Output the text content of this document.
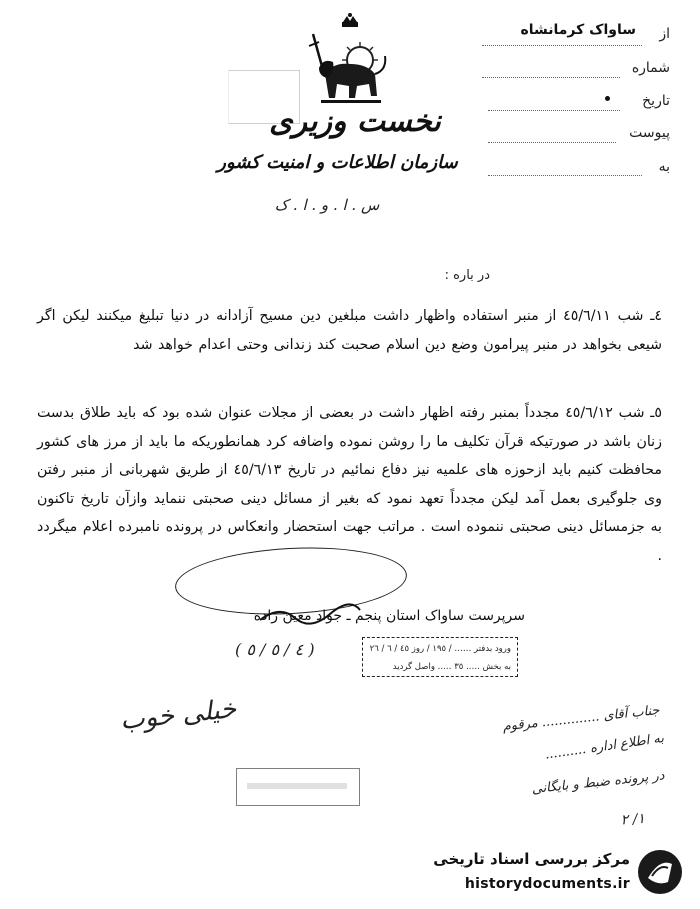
نخست وزیری
سازمان اطلاعات و امنیت کشور
س . ا . و . ا . ک
از
ساواک کرمانشاه
شماره
تاریخ
پیوست
به
در باره :
٤ـ شب ٤٥/٦/١١ از منبر استفاده واظهار داشت مبلغین دین مسیح آزادانه در دنیا تبلیغ میکنند لیکن اگر شیعی بخواهد در منبر پیرامون وضع دین اسلام صحبت کند زندانی وحتی اعدام خواهد شد
٥ـ شب ٤٥/٦/١٢ مجدداً بمنبر رفته اظهار داشت در بعضی از مجلات عنوان شده بود که باید طلاق بدست زنان باشد در صورتیکه قرآن تکلیف ما را روشن نموده واضافه کرد همانطوریکه ما باید از مرز های کشور محافظت کنیم باید ازحوزه های علمیه نیز دفاع نمائیم در تاریخ ٤٥/٦/١٣ از طریق شهربانی از منبر رفتن وی جلوگیری بعمل آمد لیکن مجدداً تعهد نمود که بغیر از مسائل دینی صحبتی ننماید وازآن تاریخ تاکنون به جزمسائل دینی صحبتی ننموده است . مراتب جهت استحضار وانعکاس در پرونده نامبرده اعلام میگردد .
سرپرست ساواک استان پنجم ـ جواد معین زاده
( ٤ / ٥ / ٥ )	ورود بدفتر …… / ١٩٥ / روز ٤٥ / ٦ / ٢٦
به بخش ….. ٣٥ ….. واصل گردید
خیلی خوب	جناب آقای .............. مرقوم
به اطلاع اداره ..........
در پرونده ضبط و بایگانی
۱/ ۲
مرکز بررسی اسناد تاریخی
historydocuments.ir
